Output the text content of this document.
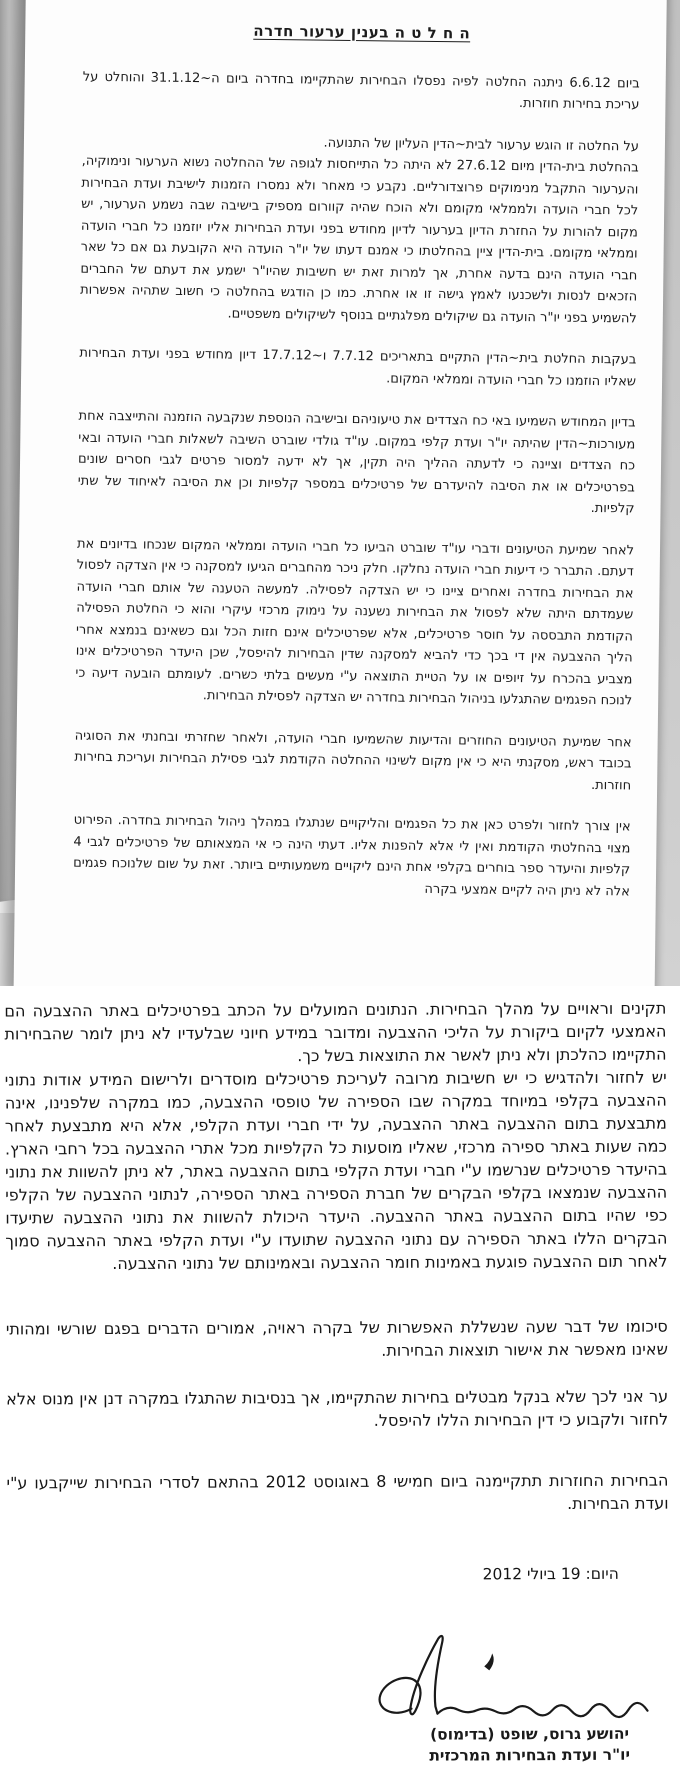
ה ח ל ט ה בענין ערעור חדרה

ביום 6.6.12 ניתנה החלטה לפיה נפסלו הבחירות שהתקיימו בחדרה ביום ה~31.1.12 והוחלט על עריכת בחירות חוזרות.

על החלטה זו הוגש ערעור לבית~הדין העליון של התנועה.
בהחלטת בית-הדין מיום 27.6.12 לא היתה כל התייחסות לגופה של ההחלטה נשוא הערעור ונימוקיה, והערעור התקבל מנימוקים פרוצדורליים. נקבע כי מאחר ולא נמסרו הזמנות לישיבת ועדת הבחירות לכל חברי הועדה ולממלאי מקומם ולא הוכח שהיה קוורום מספיק בישיבה שבה נשמע הערעור, יש מקום להורות על החזרת הדיון בערעור לדיון מחודש בפני ועדת הבחירות אליו יוזמנו כל חברי הועדה וממלאי מקומם. בית-הדין ציין בהחלטתו כי אמנם דעתו של יו"ר הועדה היא הקובעת גם אם כל שאר חברי הועדה הינם בדעה אחרת, אך למרות זאת יש חשיבות שהיו"ר ישמע את דעתם של החברים הזכאים לנסות ולשכנעו לאמץ גישה זו או אחרת. כמו כן הודגש בהחלטה כי חשוב שתהיה אפשרות להשמיע בפני יו"ר הועדה גם שיקולים מפלגתיים בנוסף לשיקולים משפטיים.

בעקבות החלטת בית~הדין התקיים בתאריכים 7.7.12 ו~17.7.12 דיון מחודש בפני ועדת הבחירות שאליו הוזמנו כל חברי הועדה וממלאי המקום.

בדיון המחודש השמיעו באי כח הצדדים את טיעוניהם ובישיבה הנוספת שנקבעה הוזמנה והתייצבה אחת מעורכות~הדין שהיתה יו"ר ועדת קלפי במקום. עו"ד גולדי שוברט השיבה לשאלות חברי הועדה ובאי כח הצדדים וציינה כי לדעתה ההליך היה תקין, אך לא ידעה למסור פרטים לגבי חסרים שונים בפרטיכלים או את הסיבה להיעדרם של פרטיכלים במספר קלפיות וכן את הסיבה לאיחוד של שתי קלפיות.

לאחר שמיעת הטיעונים ודברי עו"ד שוברט הביעו כל חברי הועדה וממלאי המקום שנכחו בדיונים את דעתם. התברר כי דיעות חברי הועדה נחלקו. חלק ניכר מהחברים הגיעו למסקנה כי אין הצדקה לפסול את הבחירות בחדרה ואחרים ציינו כי יש הצדקה לפסילה. למעשה הטענה של אותם חברי הועדה שעמדתם היתה שלא לפסול את הבחירות נשענה על נימוק מרכזי עיקרי והוא כי החלטת הפסילה הקודמת התבססה על חוסר פרטיכלים, אלא שפרטיכלים אינם חזות הכל וגם כשאינם בנמצא אחרי הליך ההצבעה אין די בכך כדי להביא למסקנה שדין הבחירות להיפסל, שכן היעדר הפרטיכלים אינו מצביע בהכרח על זיופים או על הטיית התוצאה ע"י מעשים בלתי כשרים. לעומתם הובעה דיעה כי לנוכח הפגמים שהתגלעו בניהול הבחירות בחדרה יש הצדקה לפסילת הבחירות.

אחר שמיעת הטיעונים החוזרים והדיעות שהשמיעו חברי הועדה, ולאחר שחזרתי ובחנתי את הסוגיה בכובד ראש, מסקנתי היא כי אין מקום לשינוי ההחלטה הקודמת לגבי פסילת הבחירות ועריכת בחירות חוזרות.

אין צורך לחזור ולפרט כאן את כל הפגמים והליקויים שנתגלו במהלך ניהול הבחירות בחדרה. הפירוט מצוי בהחלטתי הקודמת ואין לי אלא להפנות אליו. דעתי הינה כי אי המצאותם של פרטיכלים לגבי 4 קלפיות והיעדר ספר בוחרים בקלפי אחת הינם ליקויים משמעותיים ביותר. זאת על שום שלנוכח פגמים אלה לא ניתן היה לקיים אמצעי בקרה

תקינים וראויים על מהלך הבחירות. הנתונים המועלים על הכתב בפרטיכלים באתר ההצבעה הם האמצעי לקיום ביקורת על הליכי ההצבעה ומדובר במידע חיוני שבלעדיו לא ניתן לומר שהבחירות התקיימו כהלכתן ולא ניתן לאשר את התוצאות בשל כך.

יש לחזור ולהדגיש כי יש חשיבות מרובה לעריכת פרטיכלים מוסדרים ולרישום המידע אודות נתוני ההצבעה בקלפי במיוחד במקרה שבו הספירה של טופסי ההצבעה, כמו במקרה שלפנינו, אינה מתבצעת בתום ההצבעה באתר ההצבעה, על ידי חברי ועדת הקלפי, אלא היא מתבצעת לאחר כמה שעות באתר ספירה מרכזי, שאליו מוסעות כל הקלפיות מכל אתרי ההצבעה בכל רחבי הארץ. בהיעדר פרטיכלים שנרשמו ע"י חברי ועדת הקלפי בתום ההצבעה באתר, לא ניתן להשוות את נתוני ההצבעה שנמצאו בקלפי הבקרים של חברת הספירה באתר הספירה, לנתוני ההצבעה של הקלפי כפי שהיו בתום ההצבעה באתר ההצבעה. היעדר היכולת להשוות את נתוני ההצבעה שתיעדו הבקרים הללו באתר הספירה עם נתוני ההצבעה שתועדו ע"י ועדת הקלפי באתר ההצבעה סמוך לאחר תום ההצבעה פוגעת באמינות חומר ההצבעה ובאמינותם של נתוני ההצבעה.

סיכומו של דבר שעה שנשללת האפשרות של בקרה ראויה, אמורים הדברים בפגם שורשי ומהותי שאינו מאפשר את אישור תוצאות הבחירות.

ער אני לכך שלא בנקל מבטלים בחירות שהתקיימו, אך בנסיבות שהתגלו במקרה דנן אין מנוס אלא לחזור ולקבוע כי דין הבחירות הללו להיפסל.

הבחירות החוזרות תתקיימנה ביום חמישי 8 באוגוסט 2012 בהתאם לסדרי הבחירות שייקבעו ע"י ועדת הבחירות.

היום: 19 ביולי 2012

יהושע גרוס, שופט (בדימוס)
יו"ר ועדת הבחירות המרכזית
